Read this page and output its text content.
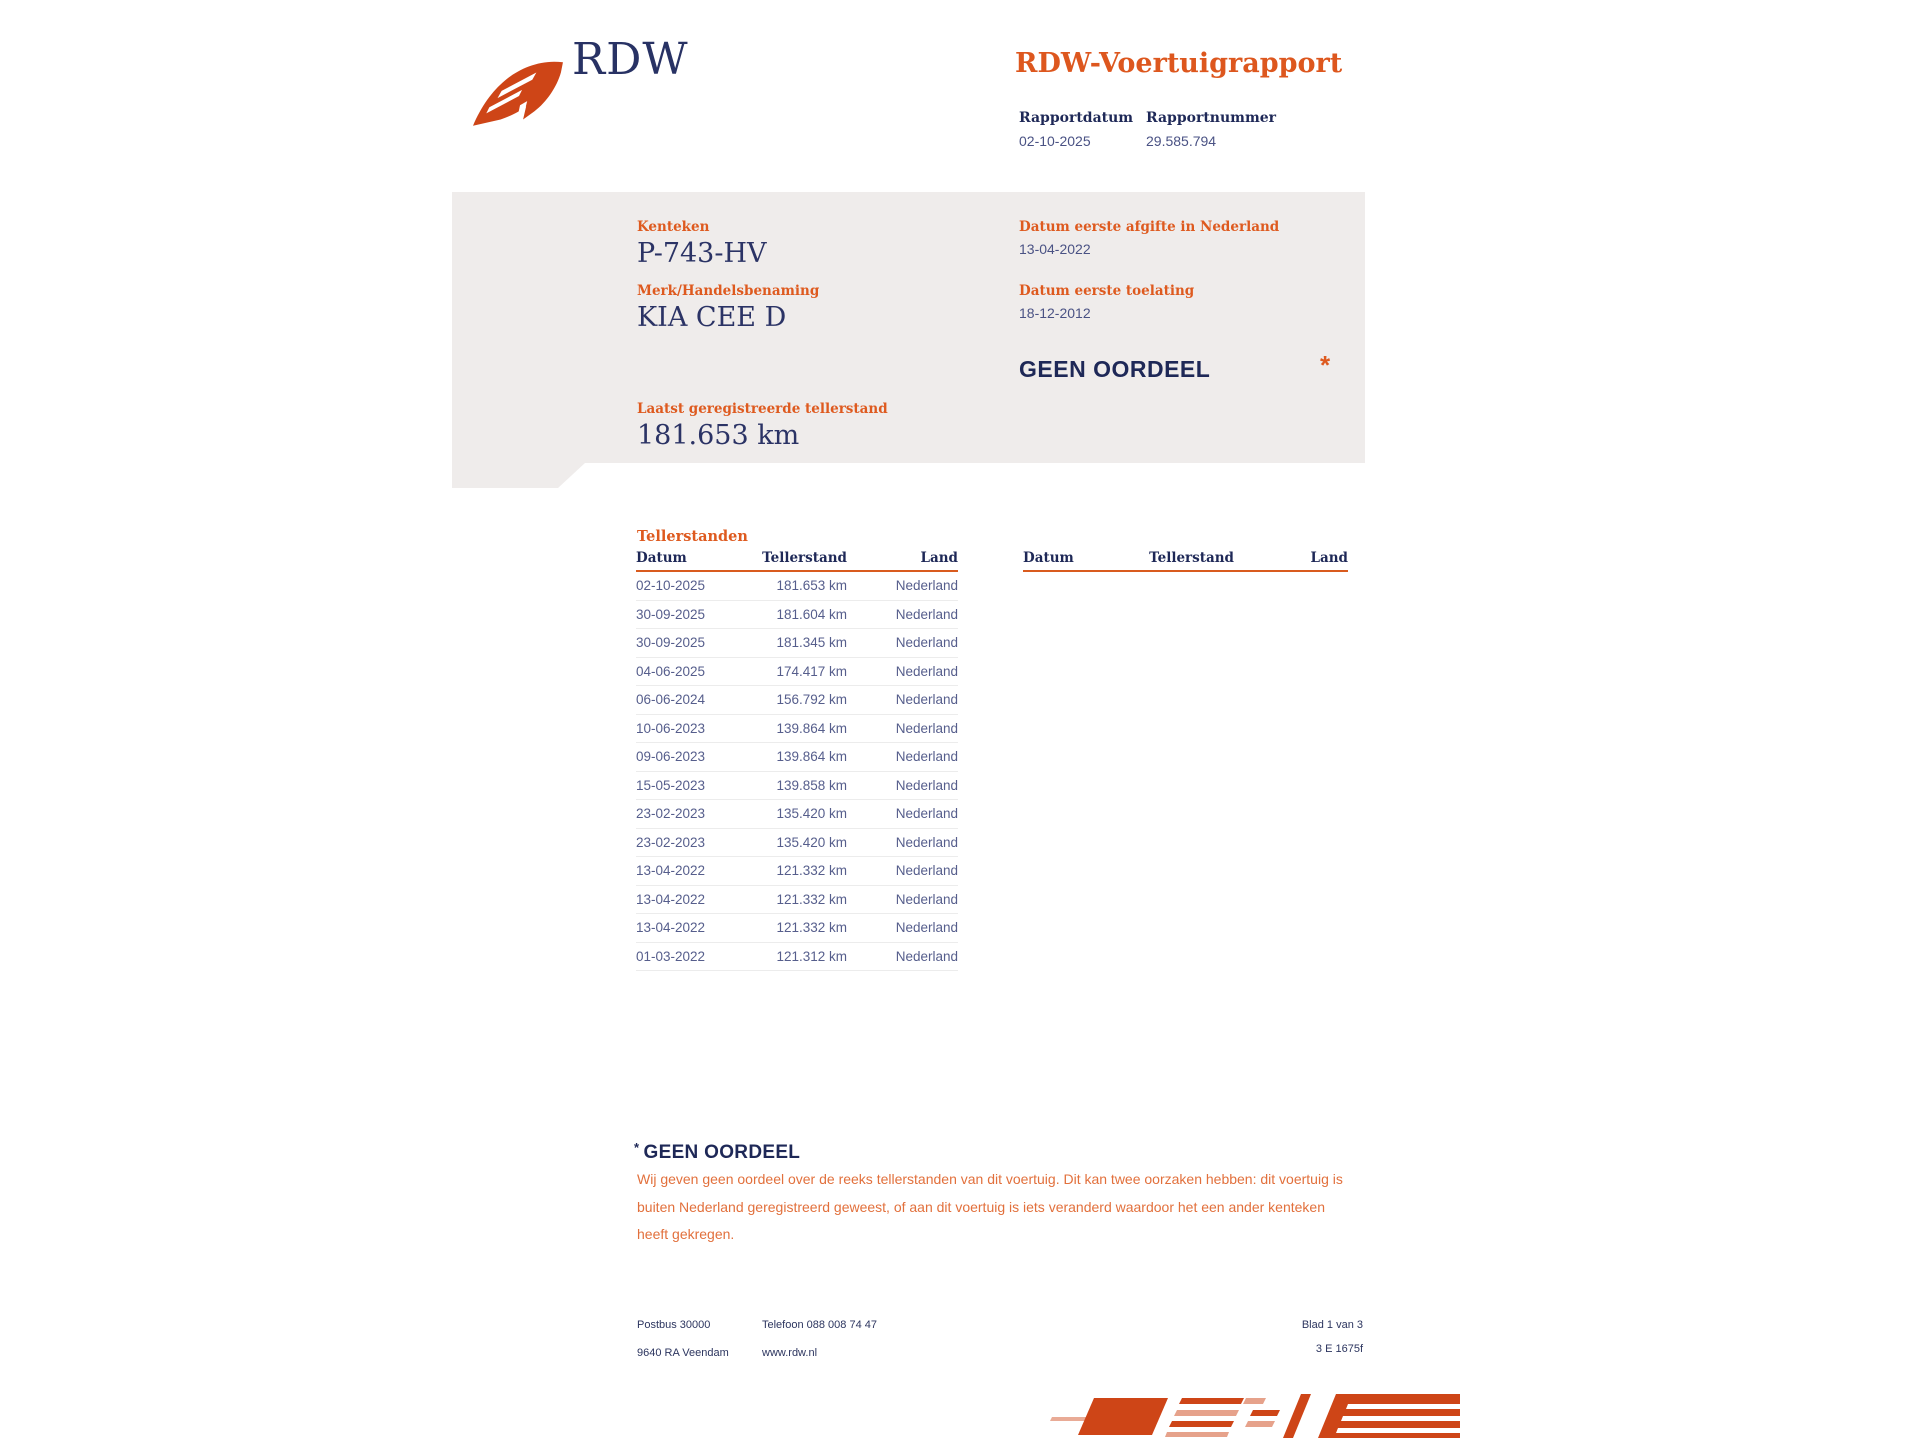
RDW	RDW-Voertuigrapport
Rapportdatum
02-10-2025
Rapportnummer
29.585.794
Kenteken
P-743-HV
Merk/Handelsbenaming
KIA CEE D
Datum eerste afgifte in Nederland
13-04-2022
Datum eerste toelating
18-12-2012
GEEN OORDEEL	*
Laatst geregistreerde tellerstand
181.653 km
Tellerstanden
Datum	Tellerstand	Land
02-10-2025	181.653 km	Nederland
30-09-2025	181.604 km	Nederland
30-09-2025	181.345 km	Nederland
04-06-2025	174.417 km	Nederland
06-06-2024	156.792 km	Nederland
10-06-2023	139.864 km	Nederland
09-06-2023	139.864 km	Nederland
15-05-2023	139.858 km	Nederland
23-02-2023	135.420 km	Nederland
23-02-2023	135.420 km	Nederland
13-04-2022	121.332 km	Nederland
13-04-2022	121.332 km	Nederland
13-04-2022	121.332 km	Nederland
01-03-2022	121.312 km	Nederland
Datum	Tellerstand	Land
* GEEN OORDEEL
Wij geven geen oordeel over de reeks tellerstanden van dit voertuig. Dit kan twee oorzaken hebben: dit voertuig is buiten Nederland geregistreerd geweest, of aan dit voertuig is iets veranderd waardoor het een ander kenteken heeft gekregen.
Postbus 30000
9640 RA Veendam
Telefoon 088 008 74 47
www.rdw.nl
Blad 1 van 3
3 E 1675f
